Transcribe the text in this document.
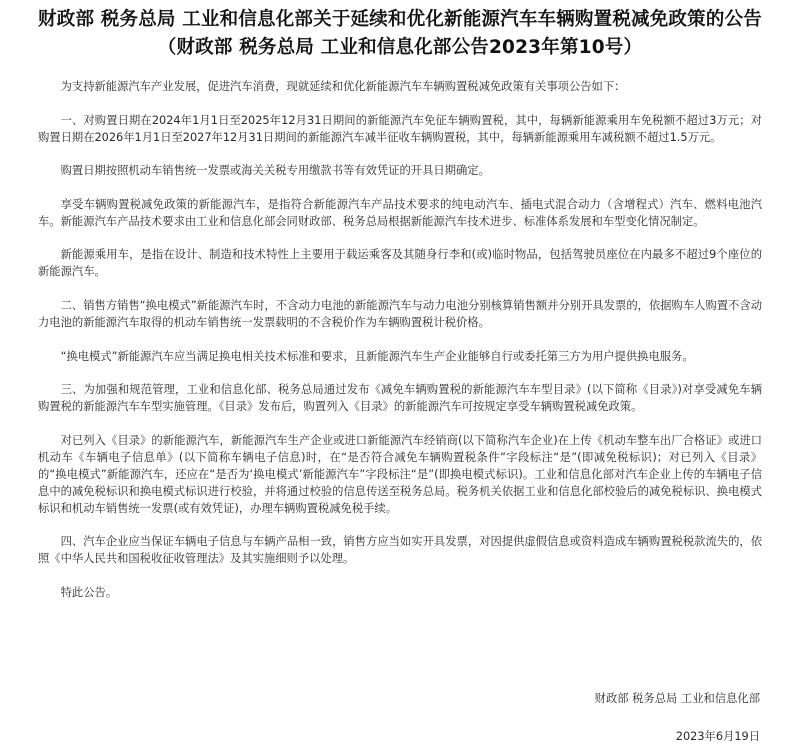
财政部 税务总局 工业和信息化部关于延续和优化新能源汽车车辆购置税减免政策的公告（财政部 税务总局 工业和信息化部公告2023年第10号）

为支持新能源汽车产业发展，促进汽车消费，现就延续和优化新能源汽车车辆购置税减免政策有关事项公告如下：

一、对购置日期在2024年1月1日至2025年12月31日期间的新能源汽车免征车辆购置税，其中，每辆新能源乘用车免税额不超过3万元；对购置日期在2026年1月1日至2027年12月31日期间的新能源汽车减半征收车辆购置税，其中，每辆新能源乘用车减税额不超过1.5万元。

购置日期按照机动车销售统一发票或海关关税专用缴款书等有效凭证的开具日期确定。

享受车辆购置税减免政策的新能源汽车，是指符合新能源汽车产品技术要求的纯电动汽车、插电式混合动力（含增程式）汽车、燃料电池汽车。新能源汽车产品技术要求由工业和信息化部会同财政部、税务总局根据新能源汽车技术进步、标准体系发展和车型变化情况制定。

新能源乘用车，是指在设计、制造和技术特性上主要用于载运乘客及其随身行李和(或)临时物品，包括驾驶员座位在内最多不超过9个座位的新能源汽车。

二、销售方销售“换电模式”新能源汽车时，不含动力电池的新能源汽车与动力电池分别核算销售额并分别开具发票的，依据购车人购置不含动力电池的新能源汽车取得的机动车销售统一发票载明的不含税价作为车辆购置税计税价格。

“换电模式”新能源汽车应当满足换电相关技术标准和要求，且新能源汽车生产企业能够自行或委托第三方为用户提供换电服务。

三、为加强和规范管理，工业和信息化部、税务总局通过发布《减免车辆购置税的新能源汽车车型目录》(以下简称《目录》)对享受减免车辆购置税的新能源汽车车型实施管理。《目录》发布后，购置列入《目录》的新能源汽车可按规定享受车辆购置税减免政策。

对已列入《目录》的新能源汽车，新能源汽车生产企业或进口新能源汽车经销商(以下简称汽车企业)在上传《机动车整车出厂合格证》或进口机动车《车辆电子信息单》(以下简称车辆电子信息)时，在“是否符合减免车辆购置税条件”字段标注“是”(即减免税标识)；对已列入《目录》的“换电模式”新能源汽车，还应在“是否为‘换电模式’新能源汽车”字段标注“是”(即换电模式标识)。工业和信息化部对汽车企业上传的车辆电子信息中的减免税标识和换电模式标识进行校验，并将通过校验的信息传送至税务总局。税务机关依据工业和信息化部校验后的减免税标识、换电模式标识和机动车销售统一发票(或有效凭证)，办理车辆购置税减免税手续。

四、汽车企业应当保证车辆电子信息与车辆产品相一致，销售方应当如实开具发票，对因提供虚假信息或资料造成车辆购置税税款流失的，依照《中华人民共和国税收征收管理法》及其实施细则予以处理。

特此公告。

财政部 税务总局 工业和信息化部
2023年6月19日
